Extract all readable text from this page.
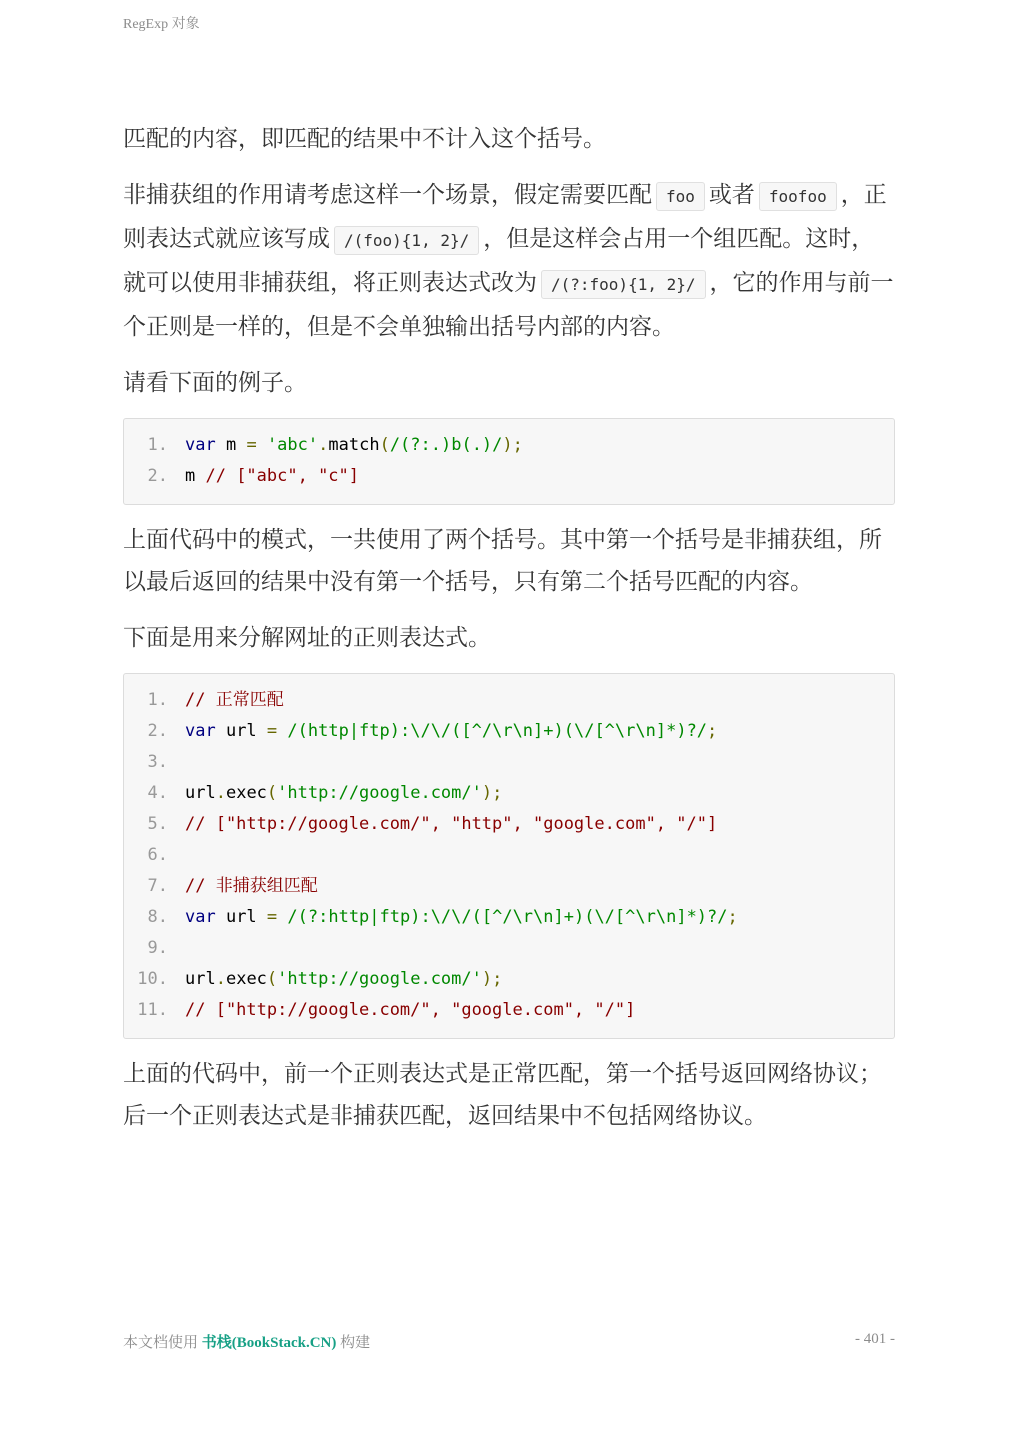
RegExp 对象

匹配的内容，即匹配的结果中不计入这个括号。

非捕获组的作用请考虑这样一个场景，假定需要匹配 foo 或者 foofoo ，正则表达式就应该写成 /(foo){1, 2}/ ，但是这样会占用一个组匹配。这时，就可以使用非捕获组，将正则表达式改为 /(?:foo){1, 2}/ ，它的作用与前一个正则是一样的，但是不会单独输出括号内部的内容。

请看下面的例子。

1.	var m = 'abc'.match(/(?:.)b(.)/);
2.	m // ["abc", "c"]

上面代码中的模式，一共使用了两个括号。其中第一个括号是非捕获组，所以最后返回的结果中没有第一个括号，只有第二个括号匹配的内容。

下面是用来分解网址的正则表达式。

1.	// 正常匹配
2.	var url = /(http|ftp):\/\/([^/\r\n]+)(\/[^\r\n]*)?/;
3.
4.	url.exec('http://google.com/');
5.	// ["http://google.com/", "http", "google.com", "/"]
6.
7.	// 非捕获组匹配
8.	var url = /(?:http|ftp):\/\/([^/\r\n]+)(\/[^\r\n]*)?/;
9.
10.	url.exec('http://google.com/');
11.	// ["http://google.com/", "google.com", "/"]

上面的代码中，前一个正则表达式是正常匹配，第一个括号返回网络协议；后一个正则表达式是非捕获匹配，返回结果中不包括网络协议。

本文档使用 书栈(BookStack.CN) 构建	- 401 -
